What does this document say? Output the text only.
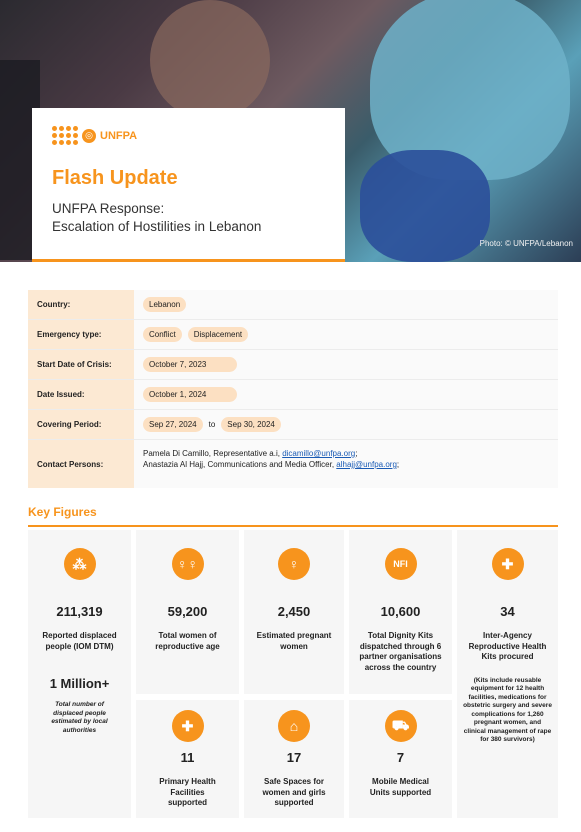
Photo: © UNFPA/Lebanon
◎ UNFPA
Flash Update
UNFPA Response:
Escalation of Hostilities in Lebanon
Country:	Lebanon
Emergency type:	Conflict	Displacement
Start Date of Crisis:	October 7, 2023
Date Issued:	October 1, 2024
Covering Period:	Sep 27, 2024	to	Sep 30, 2024
Contact Persons:
Pamela Di Camillo, Representative a.i, dicamillo@unfpa.org;
Anastazia Al Hajj, Communications and Media Officer, alhajj@unfpa.org;
Key Figures
⁂
211,319
Reported displaced people (IOM DTM)
1 Million+
Total number of displaced people estimated by local authorities
♀♀
59,200
Total women of reproductive age
♀
2,450
Estimated pregnant women
NFI
10,600
Total Dignity Kits dispatched through 6 partner organisations across the country
✚
34
Inter-Agency Reproductive Health Kits procured
(Kits include reusable equipment for 12 health facilities, medications for obstetric surgery and severe complications for 1,260 pregnant women, and clinical management of rape for 380 survivors)
✚
11
Primary Health Facilities supported
⌂
17
Safe Spaces for women and girls supported
⛟
7
Mobile Medical Units supported
